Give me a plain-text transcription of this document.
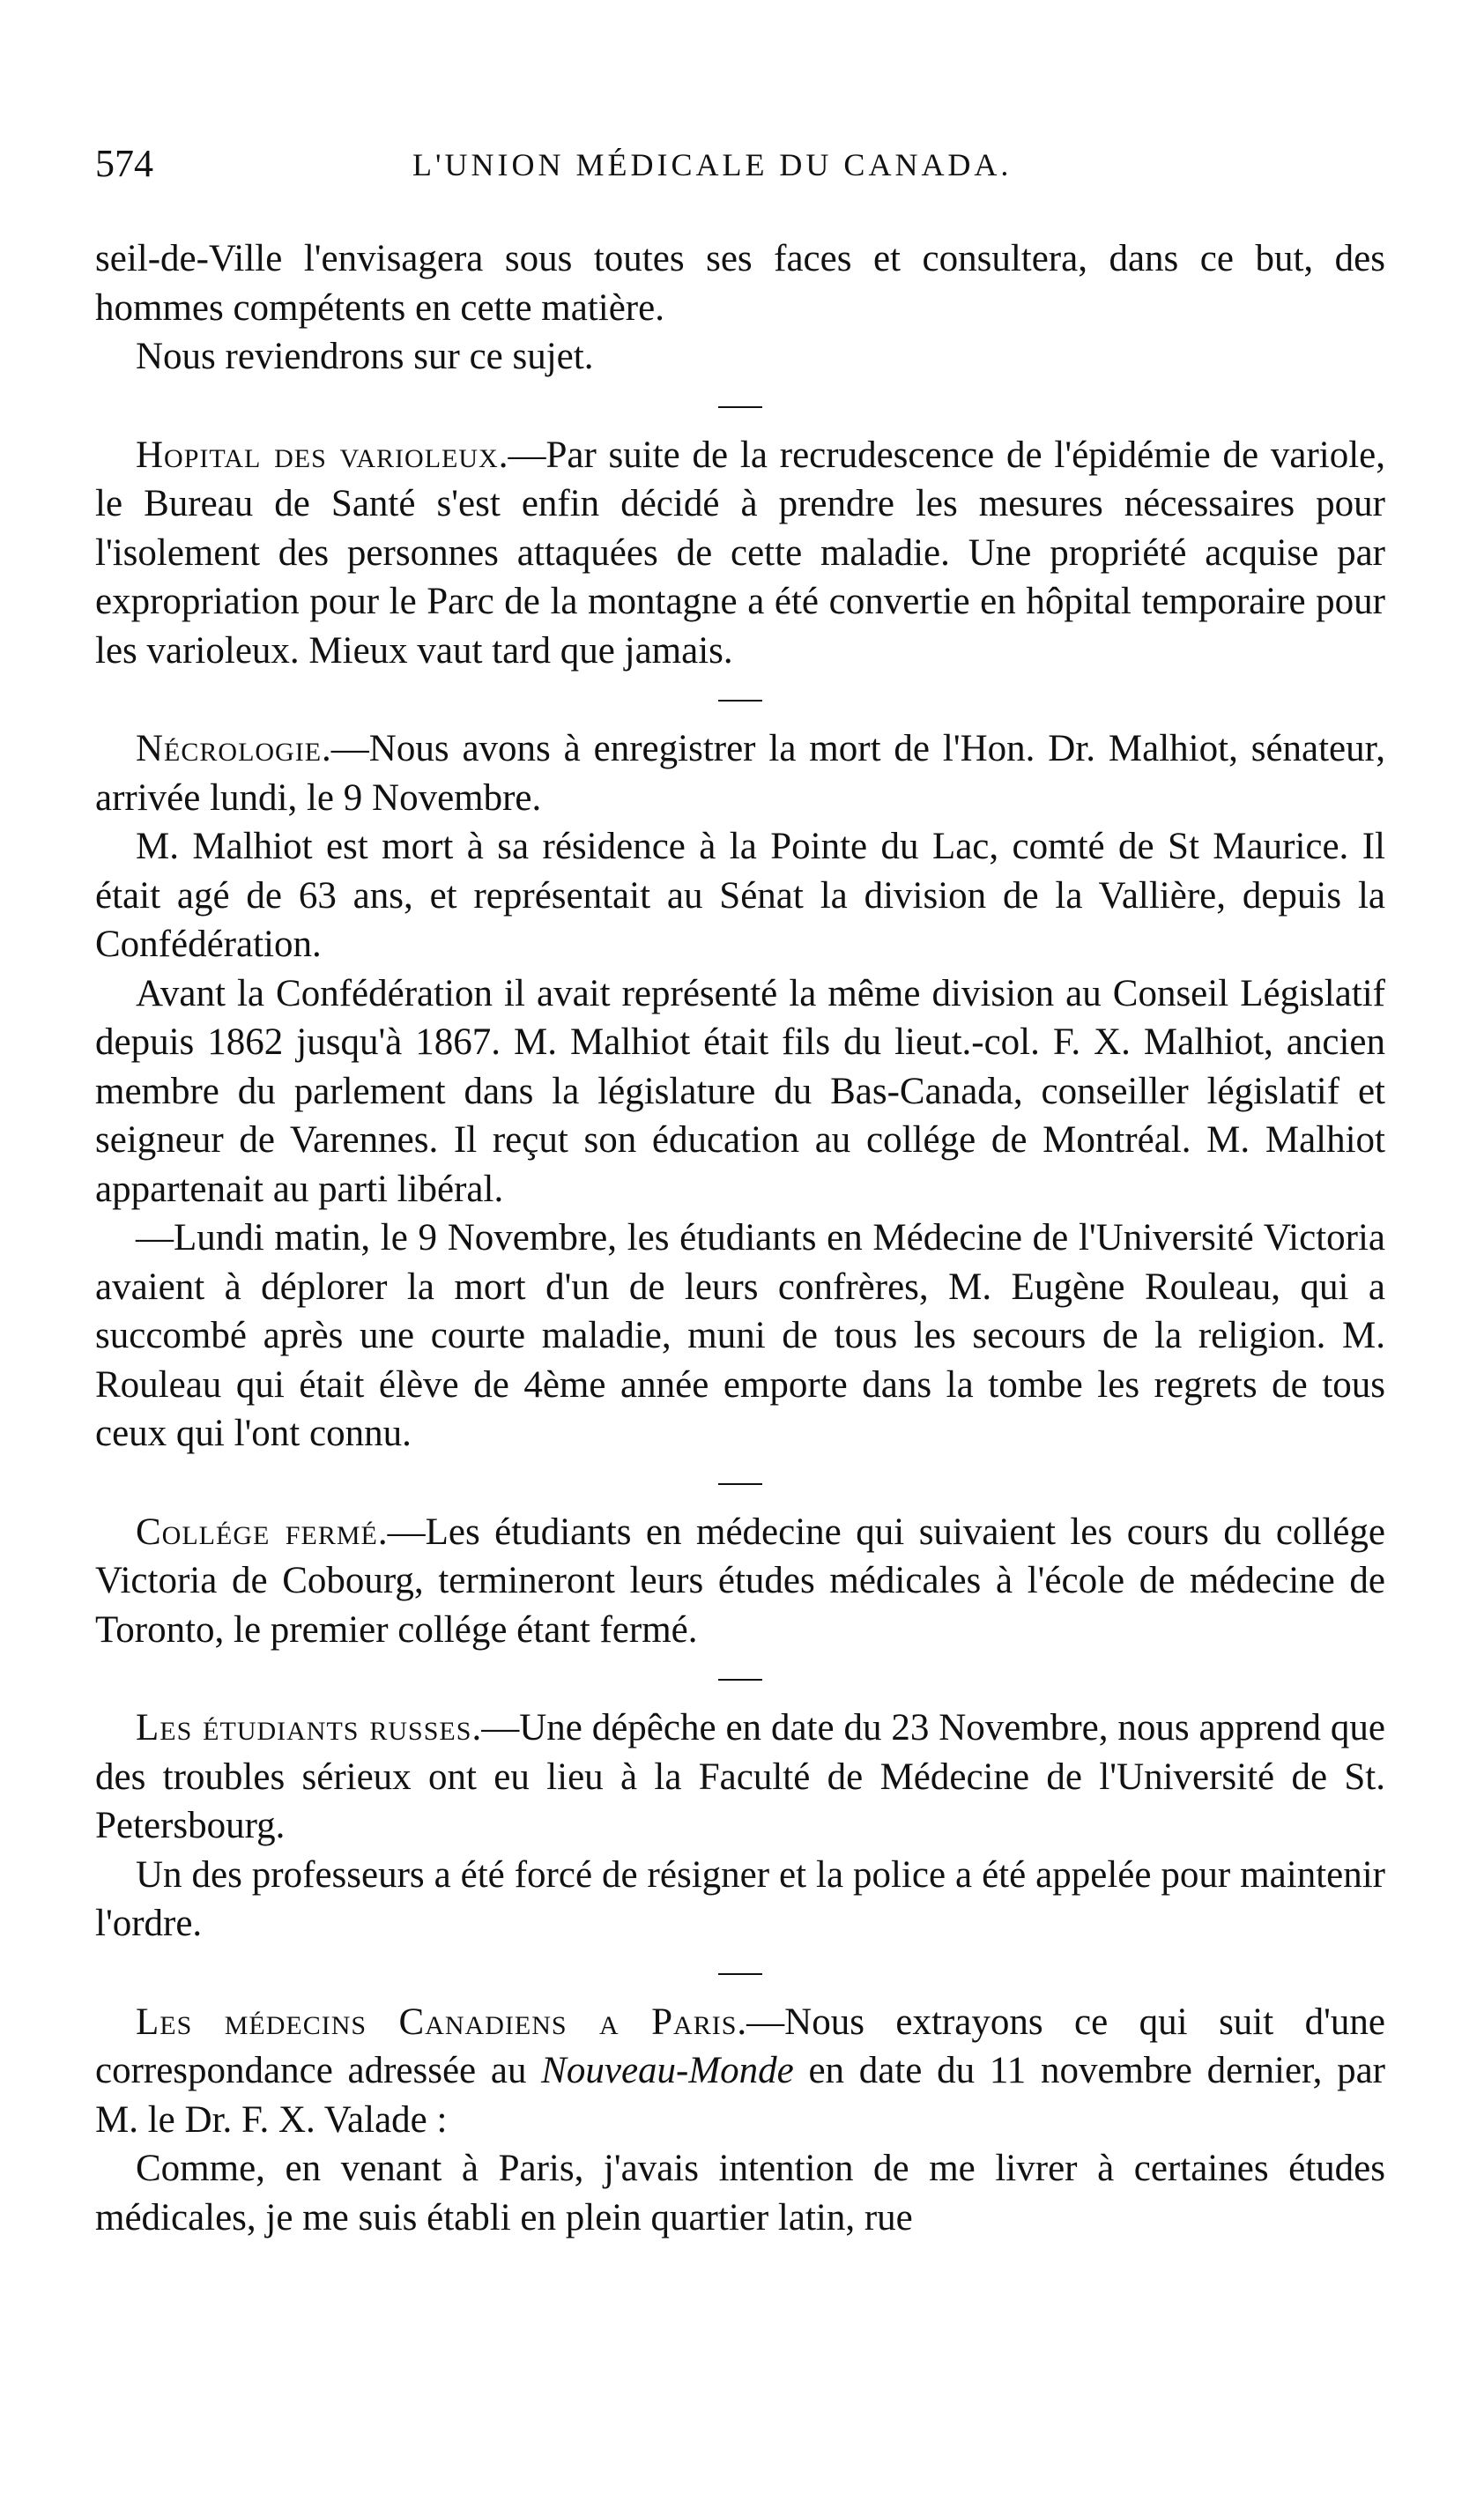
574	L'UNION MÉDICALE DU CANADA.

seil-de-Ville l'envisagera sous toutes ses faces et consultera, dans ce but, des hommes compétents en cette matière.

Nous reviendrons sur ce sujet.

Hopital des varioleux.—Par suite de la recrudescence de l'épidémie de variole, le Bureau de Santé s'est enfin décidé à prendre les mesures nécessaires pour l'isolement des personnes attaquées de cette maladie. Une propriété acquise par expropriation pour le Parc de la montagne a été convertie en hôpital temporaire pour les varioleux. Mieux vaut tard que jamais.

Nécrologie.—Nous avons à enregistrer la mort de l'Hon. Dr. Malhiot, sénateur, arrivée lundi, le 9 Novembre.

M. Malhiot est mort à sa résidence à la Pointe du Lac, comté de St Maurice. Il était agé de 63 ans, et représentait au Sénat la division de la Vallière, depuis la Confédération.

Avant la Confédération il avait représenté la même division au Conseil Législatif depuis 1862 jusqu'à 1867. M. Malhiot était fils du lieut.-col. F. X. Malhiot, ancien membre du parlement dans la législature du Bas-Canada, conseiller législatif et seigneur de Varennes. Il reçut son éducation au collége de Montréal. M. Malhiot appartenait au parti libéral.

—Lundi matin, le 9 Novembre, les étudiants en Médecine de l'Université Victoria avaient à déplorer la mort d'un de leurs confrères, M. Eugène Rouleau, qui a succombé après une courte maladie, muni de tous les secours de la religion. M. Rouleau qui était élève de 4ème année emporte dans la tombe les regrets de tous ceux qui l'ont connu.

Collége fermé.—Les étudiants en médecine qui suivaient les cours du collége Victoria de Cobourg, termineront leurs études médicales à l'école de médecine de Toronto, le premier collége étant fermé.

Les étudiants russes.—Une dépêche en date du 23 Novembre, nous apprend que des troubles sérieux ont eu lieu à la Faculté de Médecine de l'Université de St. Petersbourg.

Un des professeurs a été forcé de résigner et la police a été appelée pour maintenir l'ordre.

Les médecins Canadiens a Paris.—Nous extrayons ce qui suit d'une correspondance adressée au Nouveau-Monde en date du 11 novembre dernier, par M. le Dr. F. X. Valade :

Comme, en venant à Paris, j'avais intention de me livrer à certaines études médicales, je me suis établi en plein quartier latin, rue
